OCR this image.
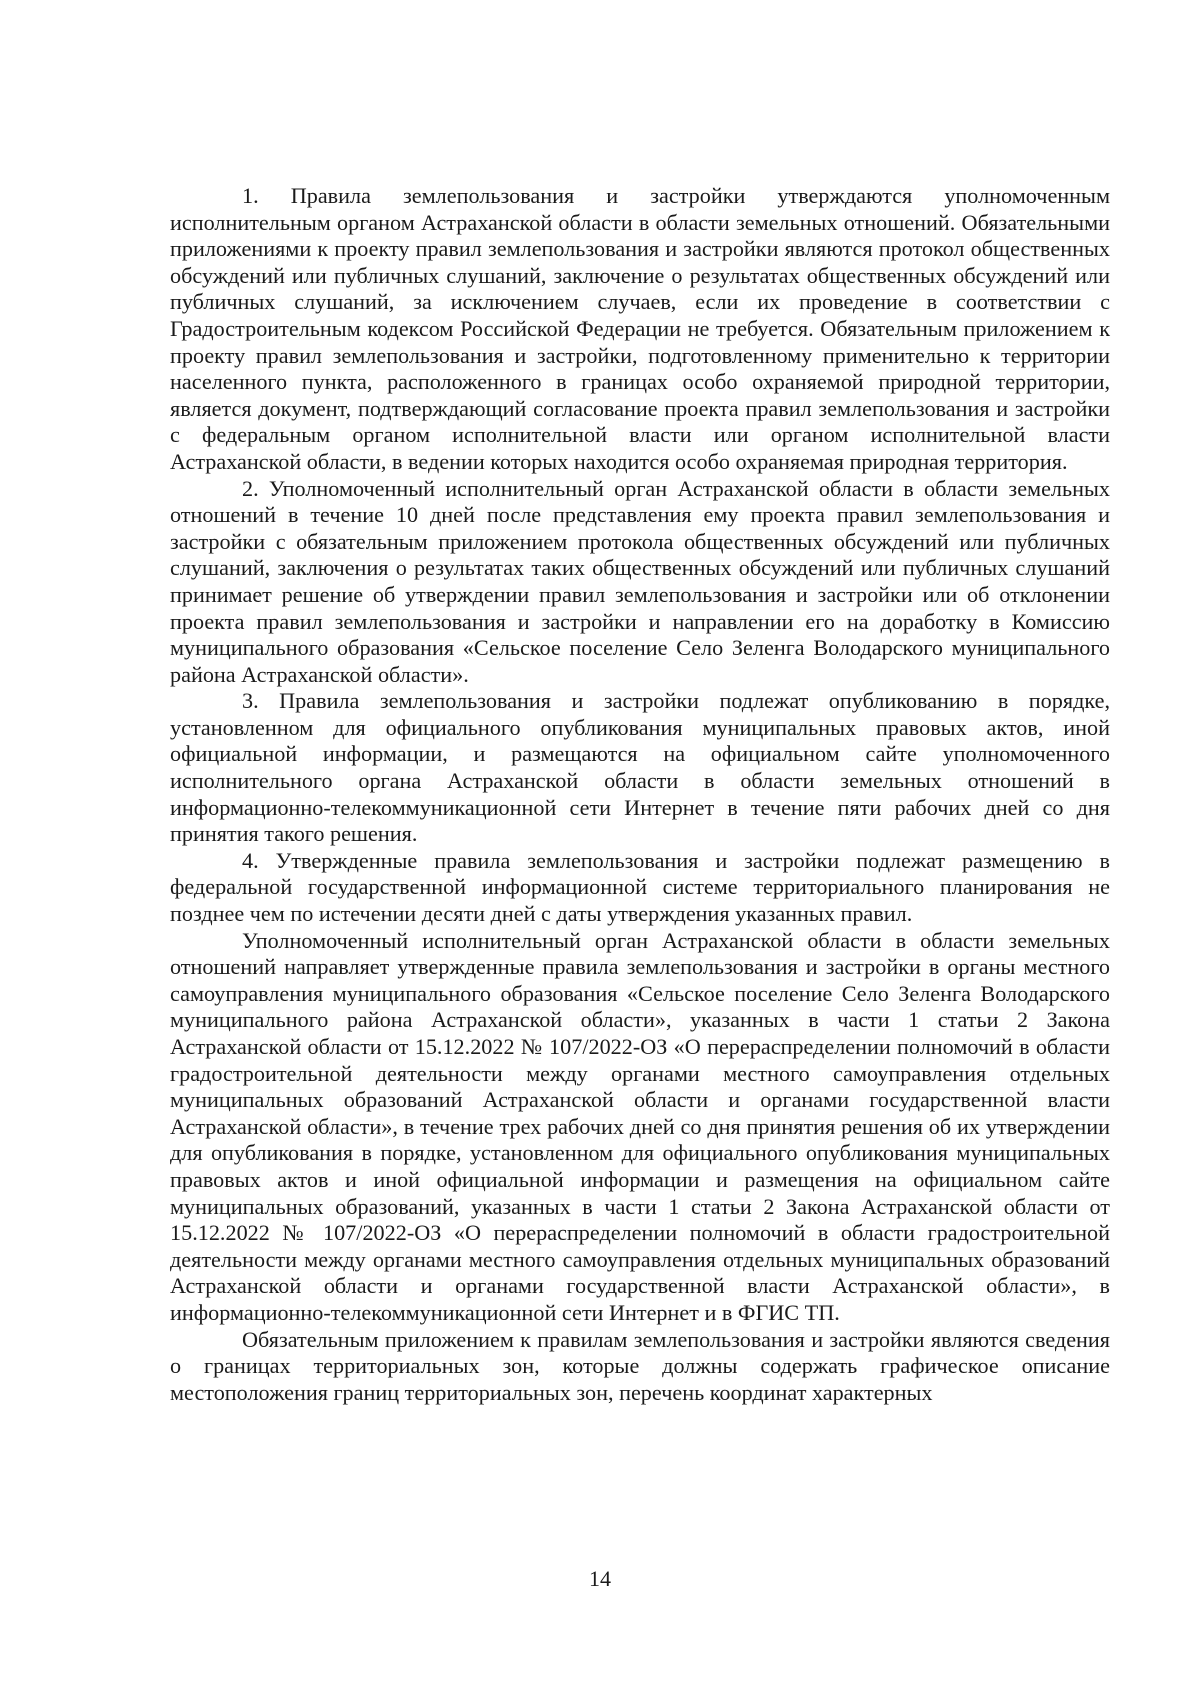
1. Правила землепользования и застройки утверждаются уполномоченным исполнительным органом Астраханской области в области земельных отношений. Обязательными приложениями к проекту правил землепользования и застройки являются протокол общественных обсуждений или публичных слушаний, заключение о результатах общественных обсуждений или публичных слушаний, за исключением случаев, если их проведение в соответствии с Градостроительным кодексом Российской Федерации не требуется. Обязательным приложением к проекту правил землепользования и застройки, подготовленному применительно к территории населенного пункта, расположенного в границах особо охраняемой природной территории, является документ, подтверждающий согласование проекта правил землепользования и застройки с федеральным органом исполнительной власти или органом исполнительной власти Астраханской области, в ведении которых находится особо охраняемая природная территория.

2. Уполномоченный исполнительный орган Астраханской области в области земельных отношений в течение 10 дней после представления ему проекта правил землепользования и застройки с обязательным приложением протокола общественных обсуждений или публичных слушаний, заключения о результатах таких общественных обсуждений или публичных слушаний принимает решение об утверждении правил землепользования и застройки или об отклонении проекта правил землепользования и застройки и направлении его на доработку в Комиссию муниципального образования «Сельское поселение Село Зеленга Володарского муниципального района Астраханской области».

3. Правила землепользования и застройки подлежат опубликованию в порядке, установленном для официального опубликования муниципальных правовых актов, иной официальной информации, и размещаются на официальном сайте уполномоченного исполнительного органа Астраханской области в области земельных отношений в информационно-телекоммуникационной сети Интернет в течение пяти рабочих дней со дня принятия такого решения.

4. Утвержденные правила землепользования и застройки подлежат размещению в федеральной государственной информационной системе территориального планирования не позднее чем по истечении десяти дней с даты утверждения указанных правил.

Уполномоченный исполнительный орган Астраханской области в области земельных отношений направляет утвержденные правила землепользования и застройки в органы местного самоуправления муниципального образования «Сельское поселение Село Зеленга Володарского муниципального района Астраханской области», указанных в части 1 статьи 2 Закона Астраханской области от 15.12.2022 № 107/2022-ОЗ «О перераспределении полномочий в области градостроительной деятельности между органами местного самоуправления отдельных муниципальных образований Астраханской области и органами государственной власти Астраханской области», в течение трех рабочих дней со дня принятия решения об их утверждении для опубликования в порядке, установленном для официального опубликования муниципальных правовых актов и иной официальной информации и размещения на официальном сайте муниципальных образований, указанных в части 1 статьи 2 Закона Астраханской области от 15.12.2022 № 107/2022-ОЗ «О перераспределении полномочий в области градостроительной деятельности между органами местного самоуправления отдельных муниципальных образований Астраханской области и органами государственной власти Астраханской области», в информационно-телекоммуникационной сети Интернет и в ФГИС ТП.

Обязательным приложением к правилам землепользования и застройки являются сведения о границах территориальных зон, которые должны содержать графическое описание местоположения границ территориальных зон, перечень координат характерных

14
